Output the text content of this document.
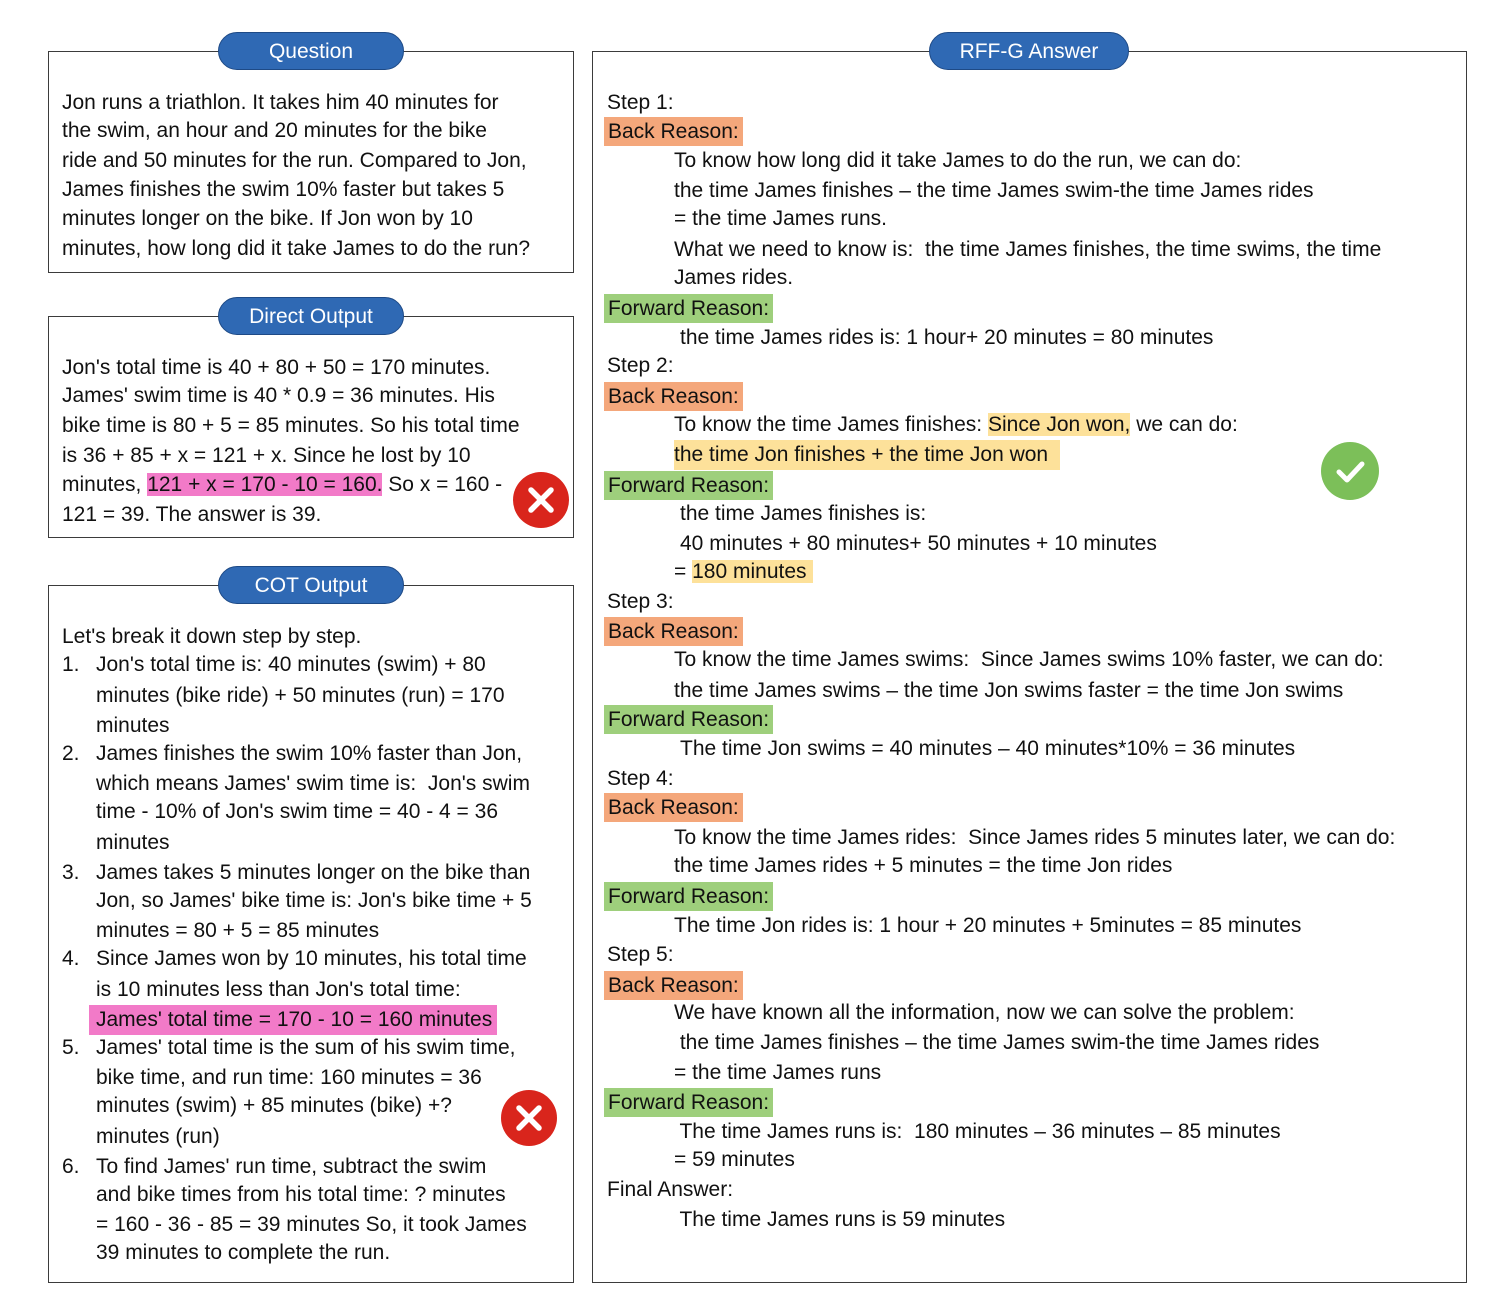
Question
Jon runs a triathlon. It takes him 40 minutes for
the swim, an hour and 20 minutes for the bike
ride and 50 minutes for the run. Compared to Jon,
James finishes the swim 10% faster but takes 5
minutes longer on the bike. If Jon won by 10
minutes, how long did it take James to do the run?
Direct Output
Jon's total time is 40 + 80 + 50 = 170 minutes.
James' swim time is 40 * 0.9 = 36 minutes. His
bike time is 80 + 5 = 85 minutes. So his total time
is 36 + 85 + x = 121 + x. Since he lost by 10
minutes, 121 + x = 170 - 10 = 160. So x = 160 -
121 = 39. The answer is 39.
COT Output
Let's break it down step by step.
1. Jon's total time is: 40 minutes (swim) + 80
minutes (bike ride) + 50 minutes (run) = 170
minutes
2. James finishes the swim 10% faster than Jon,
which means James' swim time is:  Jon's swim
time - 10% of Jon's swim time = 40 - 4 = 36
minutes
3. James takes 5 minutes longer on the bike than
Jon, so James' bike time is: Jon's bike time + 5
minutes = 80 + 5 = 85 minutes
4. Since James won by 10 minutes, his total time
is 10 minutes less than Jon's total time:
James' total time = 170 - 10 = 160 minutes
5. James' total time is the sum of his swim time,
bike time, and run time: 160 minutes = 36
minutes (swim) + 85 minutes (bike) +?
minutes (run)
6. To find James' run time, subtract the swim
and bike times from his total time: ? minutes
= 160 - 36 - 85 = 39 minutes So, it took James
39 minutes to complete the run.
RFF-G Answer
Step 1:
Back Reason:
To know how long did it take James to do the run, we can do:
the time James finishes – the time James swim-the time James rides
= the time James runs.
What we need to know is:  the time James finishes, the time swims, the time
James rides.
Forward Reason:
the time James rides is: 1 hour+ 20 minutes = 80 minutes
Step 2:
Back Reason:
To know the time James finishes: Since Jon won, we can do:
the time Jon finishes + the time Jon won
Forward Reason:
the time James finishes is:
40 minutes + 80 minutes+ 50 minutes + 10 minutes
= 180 minutes
Step 3:
Back Reason:
To know the time James swims:  Since James swims 10% faster, we can do:
the time James swims – the time Jon swims faster = the time Jon swims
Forward Reason:
The time Jon swims = 40 minutes – 40 minutes*10% = 36 minutes
Step 4:
Back Reason:
To know the time James rides:  Since James rides 5 minutes later, we can do:
the time James rides + 5 minutes = the time Jon rides
Forward Reason:
The time Jon rides is: 1 hour + 20 minutes + 5minutes = 85 minutes
Step 5:
Back Reason:
We have known all the information, now we can solve the problem:
the time James finishes – the time James swim-the time James rides
= the time James runs
Forward Reason:
The time James runs is:  180 minutes – 36 minutes – 85 minutes
= 59 minutes
Final Answer:
The time James runs is 59 minutes
